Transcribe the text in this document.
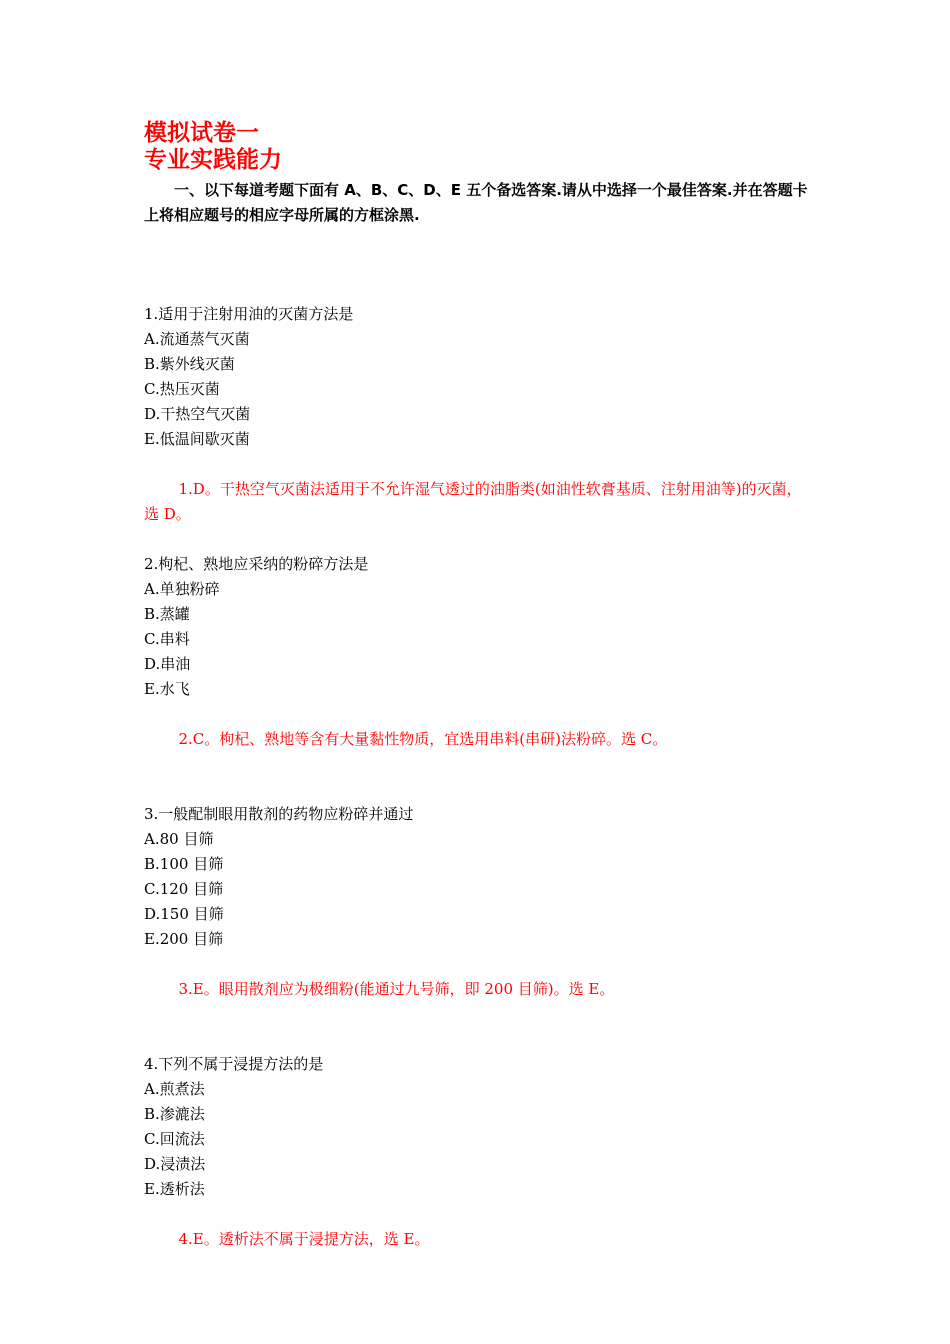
模拟试卷一
专业实践能力
一、以下每道考题下面有 A、B、C、D、E 五个备选答案.请从中选择一个最佳答案.并在答题卡上将相应题号的相应字母所属的方框涂黑.
1.适用于注射用油的灭菌方法是
A.流通蒸气灭菌
B.紫外线灭菌
C.热压灭菌
D.干热空气灭菌
E.低温间歇灭菌
1.D。干热空气灭菌法适用于不允许湿气透过的油脂类(如油性软膏基质、注射用油等)的灭菌，选 D。
2.枸杞、熟地应采纳的粉碎方法是
A.单独粉碎
B.蒸罐
C.串料
D.串油
E.水飞
2.C。枸杞、熟地等含有大量黏性物质，宜选用串料(串研)法粉碎。选 C。
3.一般配制眼用散剂的药物应粉碎并通过
A.80 目筛
B.100 目筛
C.120 目筛
D.150 目筛
E.200 目筛
3.E。眼用散剂应为极细粉(能通过九号筛，即 200 目筛)。选 E。
4.下列不属于浸提方法的是
A.煎煮法
B.渗漉法
C.回流法
D.浸渍法
E.透析法
4.E。透析法不属于浸提方法，选 E。
